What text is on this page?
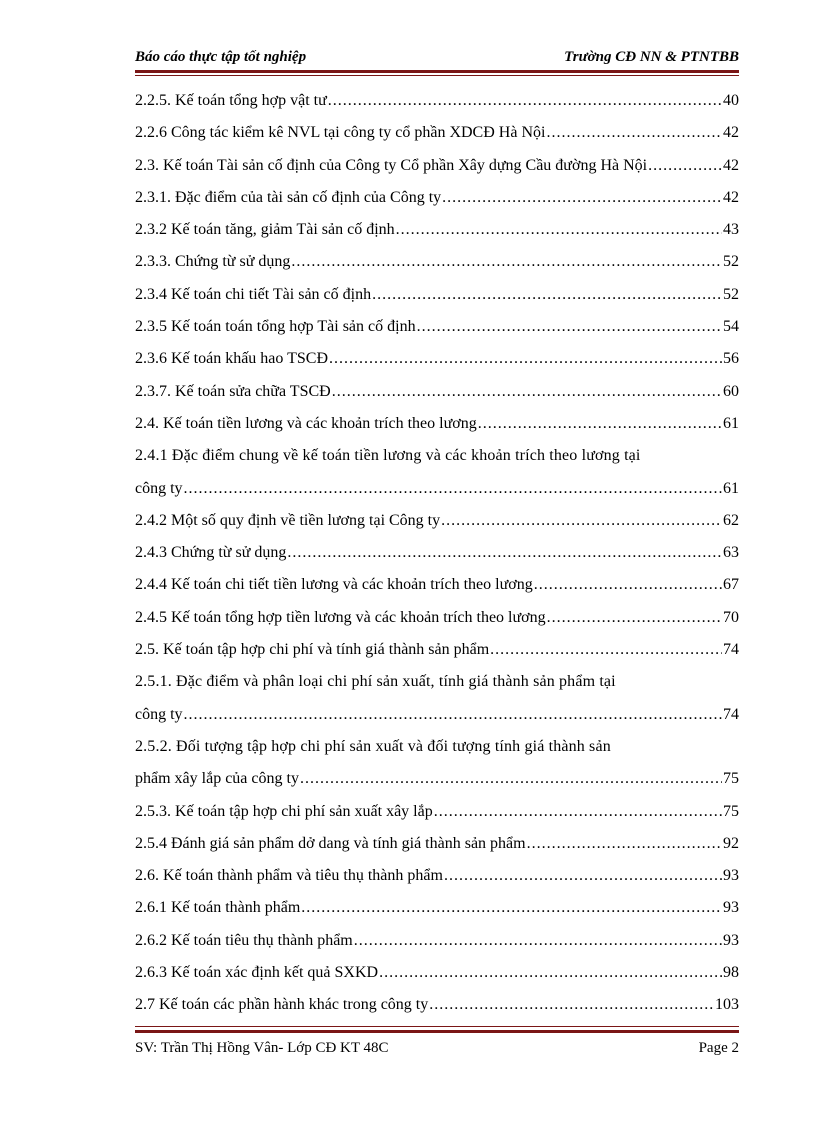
Báo cáo thực tập tốt nghiệp	Trường CĐ NN & PTNTBB
2.2.5. Kế toán tổng hợp vật tư .....	40
2.2.6 Công tác kiểm kê NVL tại công ty cổ phần XDCĐ Hà Nội .....	42
2.3. Kế toán Tài sản cố định của Công ty Cổ phần Xây dựng Cầu đường Hà Nội .....	42
2.3.1. Đặc điểm của tài sản cố định của Công ty .....	42
2.3.2 Kế toán tăng, giảm Tài sản cố định .....	43
2.3.3. Chứng từ sử dụng .....	52
2.3.4 Kế toán chi tiết Tài sản cố định .....	52
2.3.5 Kế toán toán tổng hợp Tài sản cố định .....	54
2.3.6 Kế toán khấu hao TSCĐ .....	56
2.3.7. Kế toán sửa chữa TSCĐ .....	60
2.4. Kế toán tiền lương và các khoản trích theo lương .....	61
2.4.1 Đặc điểm chung về kế toán tiền lương và các khoản trích theo lương tại
công ty .....	61
2.4.2 Một số quy định về tiền lương tại Công ty .....	62
2.4.3 Chứng từ sử dụng .....	63
2.4.4 Kế toán chi tiết tiền lương và các khoản trích theo lương .....	67
2.4.5 Kế toán tổng hợp tiền lương và các khoản trích theo lương .....	70
2.5. Kế toán tập hợp chi phí và tính giá thành sản phẩm .....	74
2.5.1. Đặc điểm và phân loại chi phí sản xuất, tính giá thành sản phẩm tại
công ty .....	74
2.5.2. Đối tượng tập hợp chi phí sản xuất và đối tượng tính giá thành sản
phẩm xây lắp của công ty .....	75
2.5.3. Kế toán tập hợp chi phí sản xuất xây lắp .....	75
2.5.4 Đánh giá sản phẩm dở dang và tính giá thành sản phẩm .....	92
2.6. Kế toán thành phẩm và tiêu thụ thành phẩm .....	93
2.6.1 Kế toán thành phẩm .....	93
2.6.2 Kế toán tiêu thụ thành phẩm .....	93
2.6.3 Kế toán xác định kết quả SXKD .....	98
2.7 Kế toán các phần hành khác trong công ty .....	103
SV: Trần Thị Hồng Vân- Lớp CĐ KT 48C	Page 2
